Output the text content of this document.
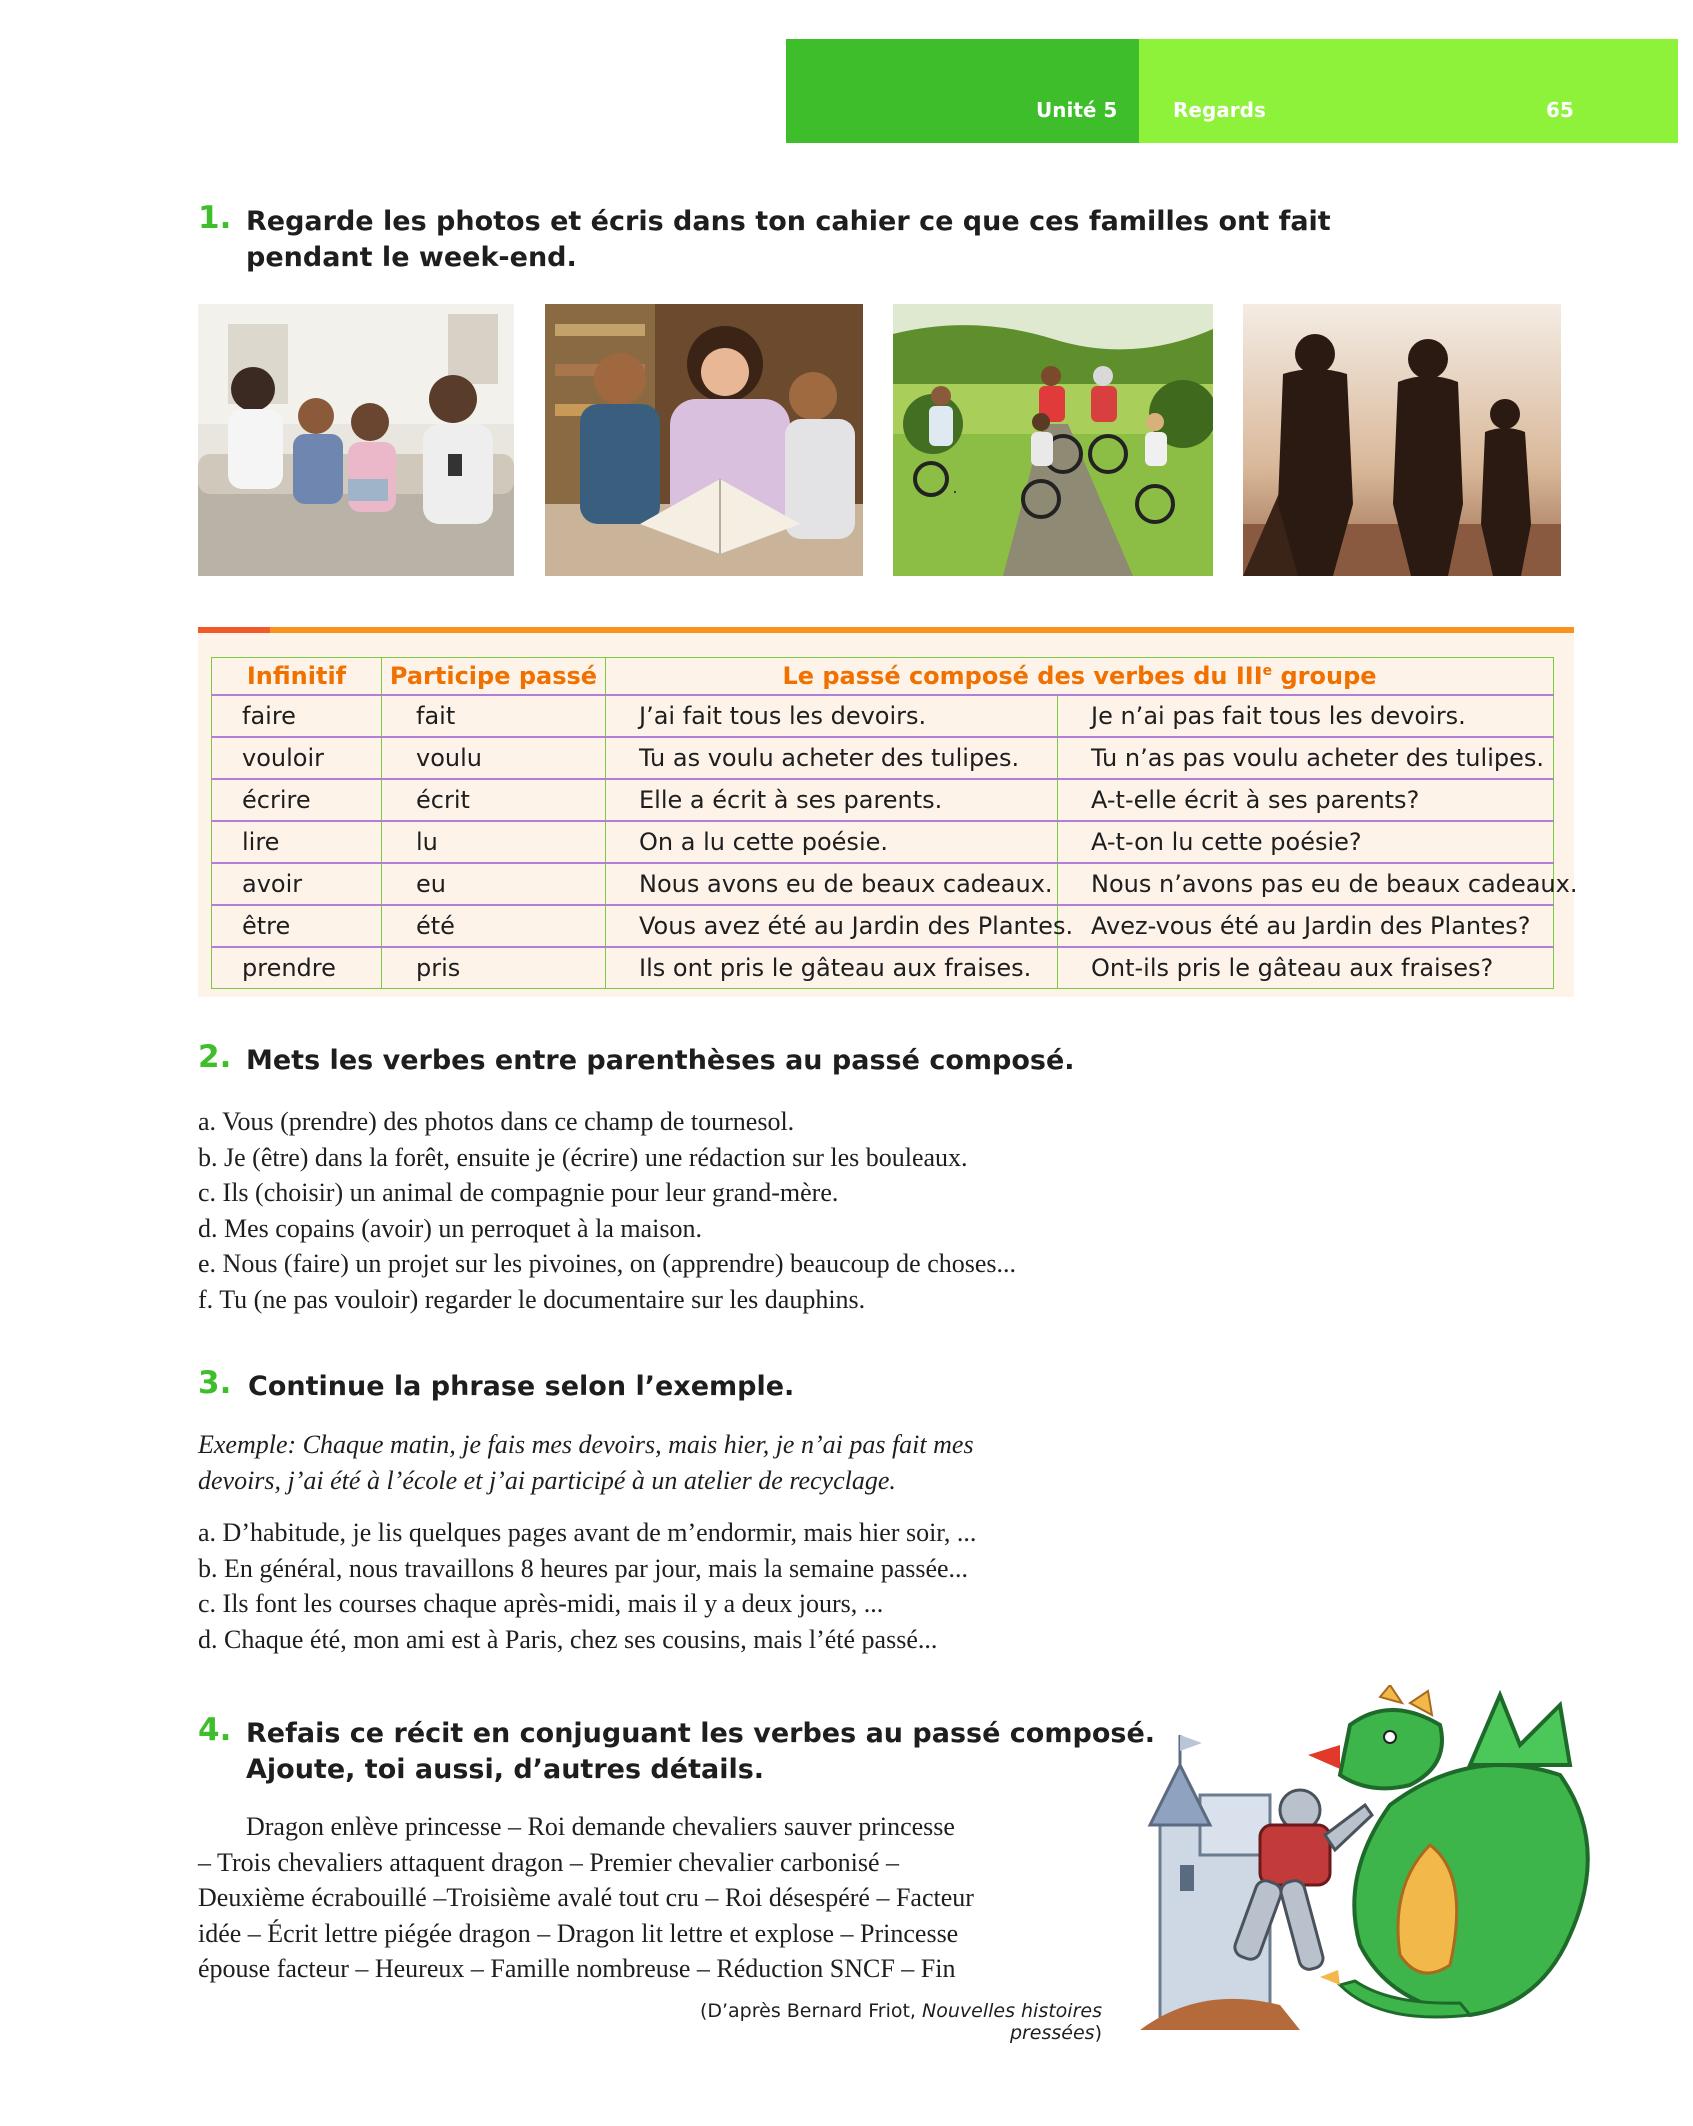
Unité 5	Regards	65
1. Regarde les photos et écris dans ton cahier ce que ces familles ont fait
pendant le week-end.
Infinitif	Participe passé	Le passé composé des verbes du IIIe groupe	
faire	fait	J’ai fait tous les devoirs.	Je n’ai pas fait tous les devoirs.
vouloir	voulu	Tu as voulu acheter des tulipes.	Tu n’as pas voulu acheter des tulipes.
écrire	écrit	Elle a écrit à ses parents.	A-t-elle écrit à ses parents?
lire	lu	On a lu cette poésie.	A-t-on lu cette poésie?
avoir	eu	Nous avons eu de beaux cadeaux.	Nous n’avons pas eu de beaux cadeaux.
être	été	Vous avez été au Jardin des Plantes.	Avez-vous été au Jardin des Plantes?
prendre	pris	Ils ont pris le gâteau aux fraises.	Ont-ils pris le gâteau aux fraises?
2. Mets les verbes entre parenthèses au passé composé.
a. Vous (prendre) des photos dans ce champ de tournesol.
b. Je (être) dans la forêt, ensuite je (écrire) une rédaction sur les bouleaux.
c. Ils (choisir) un animal de compagnie pour leur grand-mère.
d. Mes copains (avoir) un perroquet à la maison.
e. Nous (faire) un projet sur les pivoines, on (apprendre) beaucoup de choses...
f. Tu (ne pas vouloir) regarder le documentaire sur les dauphins.
3. Continue la phrase selon l’exemple.
Exemple: Chaque matin, je fais mes devoirs, mais hier, je n’ai pas fait mes
devoirs, j’ai été à l’école et j’ai participé à un atelier de recyclage.
a. D’habitude, je lis quelques pages avant de m’endormir, mais hier soir, ...
b. En général, nous travaillons 8 heures par jour, mais la semaine passée...
c. Ils font les courses chaque après-midi, mais il y a deux jours, ...
d. Chaque été, mon ami est à Paris, chez ses cousins, mais l’été passé...
4. Refais ce récit en conjuguant les verbes au passé composé.
Ajoute, toi aussi, d’autres détails.
Dragon enlève princesse – Roi demande chevaliers sauver princesse
– Trois chevaliers attaquent dragon – Premier chevalier carbonisé –
Deuxième écrabouillé –Troisième avalé tout cru – Roi désespéré – Facteur
idée – Écrit lettre piégée dragon – Dragon lit lettre et explose – Princesse
épouse facteur – Heureux – Famille nombreuse – Réduction SNCF – Fin
(D’après Bernard Friot, Nouvelles histoires pressées)
